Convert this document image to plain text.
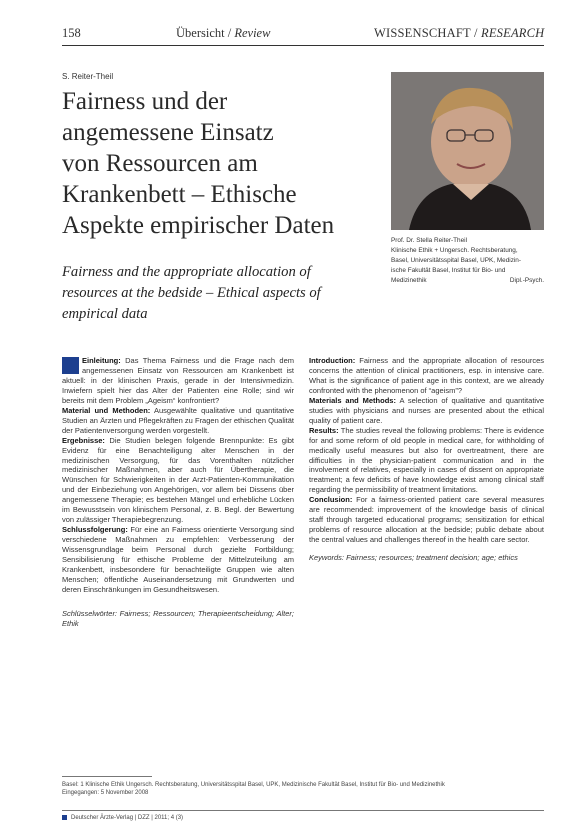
158	Übersicht / Review	WISSENSCHAFT / RESEARCH
S. Reiter-Theil
Fairness und der
angemessene Einsatz
von Ressourcen am
Krankenbett – Ethische
Aspekte empirischer Daten
Prof. Dr. Stella Reiter-Theil
Klinische Ethik + Ungersch. Rechtsberatung,
Basel, Universitätsspital Basel, UPK, Medizin-
ische Fakultät Basel, Institut für Bio- und
Medizinethik	Dipl.-Psych.
Fairness and the appropriate allocation of
resources at the bedside – Ethical aspects of
empirical data

Einleitung: Das Thema Fairness und die Frage nach dem angemessenen Einsatz von Ressourcen am Krankenbett ist aktuell: in der klinischen Praxis, gerade in der Intensivmedizin. Inwiefern spielt hier das Alter der Patienten eine Rolle; sind wir bereits mit dem Problem „Ageism“ konfrontiert?

Material und Methoden: Ausgewählte qualitative und quantitative Studien an Ärzten und Pflegekräften zu Fragen der ethischen Qualität der Patientenversorgung werden vorgestellt.

Ergebnisse: Die Studien belegen folgende Brennpunkte: Es gibt Evidenz für eine Benachteiligung alter Menschen in der medizinischen Versorgung, für das Vorenthalten nützlicher medizinischer Maßnahmen, aber auch für Übertherapie, die Wünschen für Schwierigkeiten in der Arzt-Patienten-Kommunikation und der Einbeziehung von Angehörigen, vor allem bei Dissens über angemessene Therapie; es bestehen Mängel und erhebliche Lücken im Bewusstsein von klinischem Personal, z. B. Begl. der Bewertung von zulässiger Therapiebegrenzung.

Schlussfolgerung: Für eine an Fairness orientierte Versorgung sind verschiedene Maßnahmen zu empfehlen: Verbesserung der Wissensgrundlage beim Personal durch gezielte Fortbildung; Sensibilisierung für ethische Probleme der Mittelzuteilung am Krankenbett, insbesondere für benachteiligte Gruppen wie alten Menschen; öffentliche Auseinandersetzung mit Grundwerten und deren Einschränkungen im Gesundheitswesen.

Schlüsselwörter: Fairness; Ressourcen; Therapieentscheidung; Alter; Ethik

Introduction: Fairness and the appropriate allocation of resources concerns the attention of clinical practitioners, esp. in intensive care. What is the significance of patient age in this context, are we already confronted with the phenomenon of “ageism”?

Materials and Methods: A selection of qualitative and quantitative studies with physicians and nurses are presented about the ethical quality of patient care.

Results: The studies reveal the following problems: There is evidence for and some reform of old people in medical care, for withholding of medically useful measures but also for overtreatment, there are difficulties in the physician-patient communication and in the involvement of relatives, especially in cases of dissent on appropriate treatment; a few deficits of have knowledge exist among clinical staff regarding the permissibility of treatment limitations.

Conclusion: For a fairness-oriented patient care several measures are recommended: improvement of the knowledge basis of clinical staff through targeted educational programs; sensitization for ethical problems of resource allocation at the bedside; public debate about the central values and challenges thereof in the health care sector.

Keywords: Fairness; resources; treatment decision; age; ethics

Basel: 1 Klinische Ethik Ungersch. Rechtsberatung, Universitätsspital Basel, UPK, Medizinische Fakultät Basel, Institut für Bio- und Medizinethik
Eingegangen: 5 November 2008
Deutscher Ärzte-Verlag | DZZ | 2011; 4 (3)
